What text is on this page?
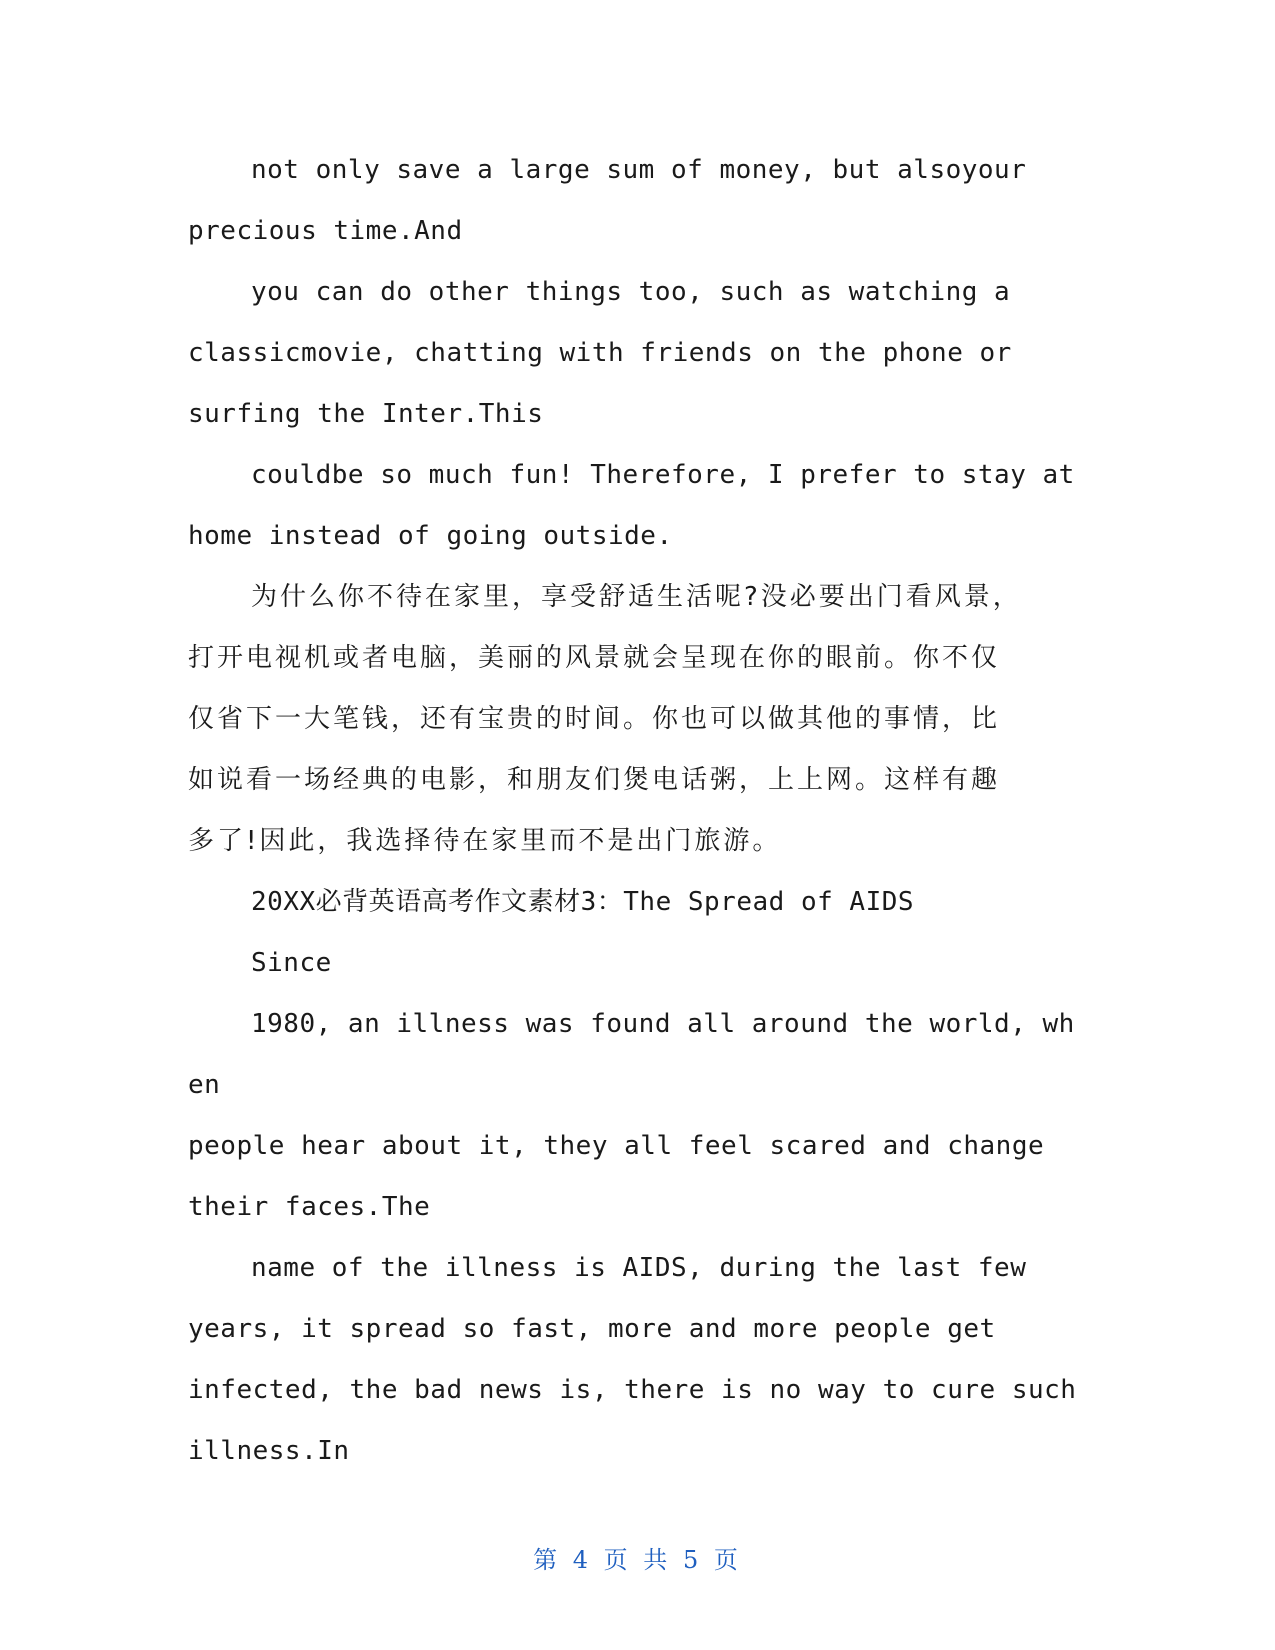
not only save a large sum of money, but alsoyour
precious time.And

you can do other things too, such as watching a
classicmovie, chatting with friends on the phone or
surfing the Inter.This

couldbe so much fun! Therefore, I prefer to stay at
home instead of going outside.

为什么你不待在家里，享受舒适生活呢?没必要出门看风景，
打开电视机或者电脑，美丽的风景就会呈现在你的眼前。你不仅
仅省下一大笔钱，还有宝贵的时间。你也可以做其他的事情，比
如说看一场经典的电影，和朋友们煲电话粥，上上网。这样有趣
多了!因此，我选择待在家里而不是出门旅游。

20XX必背英语高考作文素材3：The Spread of AIDS

Since

1980, an illness was found all around the world, when
people hear about it, they all feel scared and change
their faces.The

name of the illness is AIDS, during the last few
years, it spread so fast, more and more people get
infected, the bad news is, there is no way to cure such
illness.In

第 4 页 共 5 页
